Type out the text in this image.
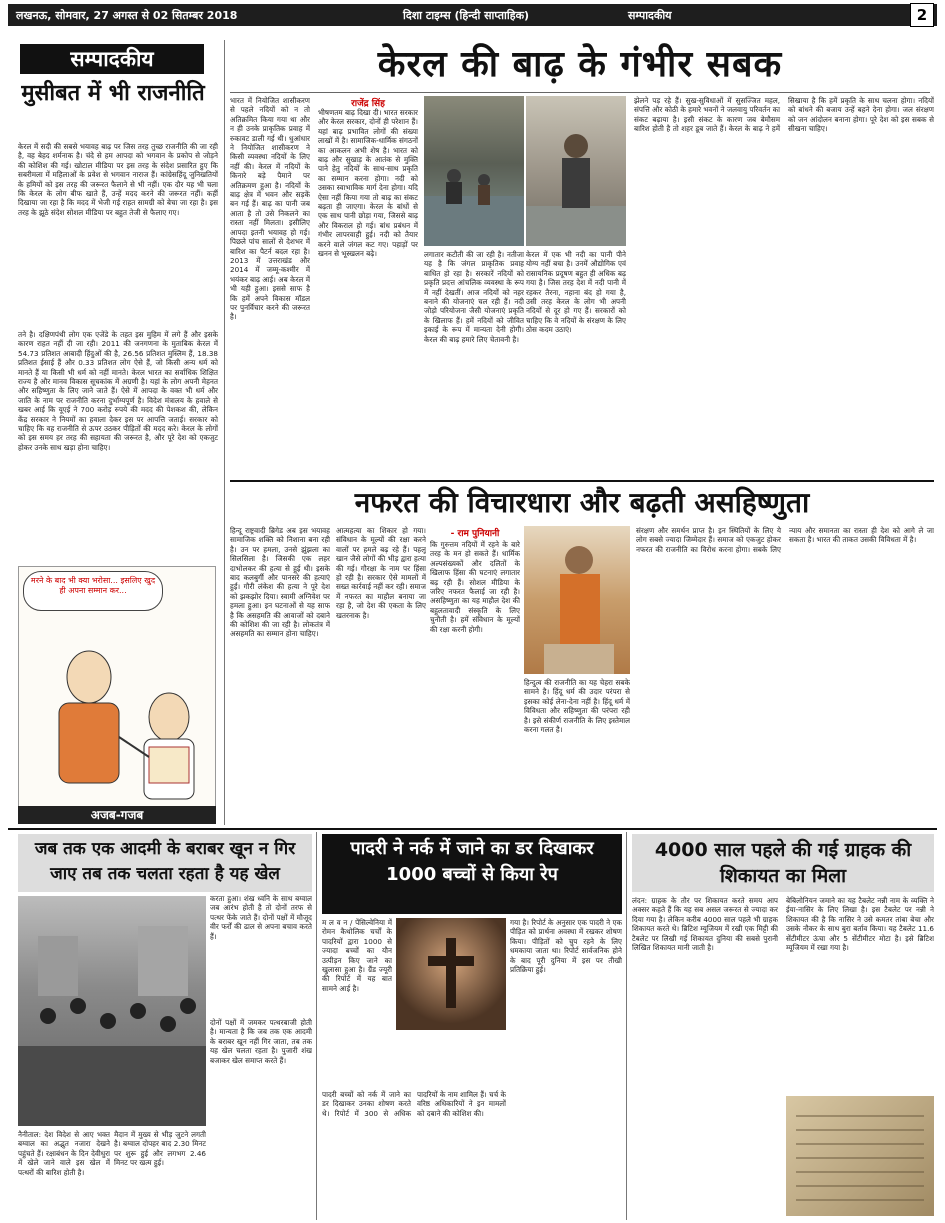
लखनऊ, सोमवार, 27 अगस्त से 02 सितम्बर 2018	दिशा टाइम्स (हिन्दी साप्ताहिक)	सम्पादकीय	2
सम्पादकीय
मुसीबत में भी राजनीति
केरल में सदी की सबसे भयावह बाढ़ पर जिस तरह तुच्छ राजनीति की जा रही है, वह बेहद शर्मनाक है। चंदे से हम आपदा को भगवान के प्रकोप से जोड़ने की कोशिश की गई। खोटाल मीडिया पर इस तरह के संदेश प्रसारित हुए कि सबरीमला में महिलाओं के प्रवेश से भगवान नाराज हैं। कांग्रेसहिंदू जुनिखतियों के हमियों को इस तरह की जरूरत फैलाने से भी नहीं। एक दौर यह भी चला कि केरल के लोग बीफ खाते हैं, उन्हें मदद करने की जरूरत नहीं। कहीं दिखाया जा रहा है कि मदद में भेजी गई राहत सामग्री को बेचा जा रहा है। इस तरह के झूठे संदेश सोशल मीडिया पर बहुत तेजी से फैलाए गए।
तने है। दक्षिणपंथी लोग एक एजेंडे के तहत इस मुहिम में लगे हैं और इसके कारण राहत नहीं दी जा रही। 2011 की जनगणना के मुताबिक केरल में 54.73 प्रतिशत आबादी हिंदुओं की है, 26.56 प्रतिशत मुस्लिम हैं, 18.38 प्रतिशत ईसाई हैं और 0.33 प्रतिशत लोग ऐसे हैं, जो किसी अन्य धर्म को मानते हैं या किसी भी धर्म को नहीं मानते। केरल भारत का सर्वाधिक शिक्षित राज्य है और मानव विकास सूचकांक में अग्रणी है। यहां के लोग अपनी मेहनत और सहिष्णुता के लिए जाने जाते हैं। ऐसे में आपदा के वक्त भी धर्म और जाति के नाम पर राजनीति करना दुर्भाग्यपूर्ण है। विदेश मंत्रालय के हवाले से खबर आई कि यूएई ने 700 करोड़ रुपये की मदद की पेशकश की, लेकिन केंद्र सरकार ने नियमों का हवाला देकर इस पर आपत्ति जताई। सरकार को चाहिए कि वह राजनीति से ऊपर उठकर पीड़ितों की मदद करे। केरल के लोगों को इस समय हर तरह की सहायता की जरूरत है, और पूरे देश को एकजुट होकर उनके साथ खड़ा होना चाहिए।
मरने के बाद भी क्या भरोसा... इसलिए खुद ही अपना सम्मान कर...
अजब-गजब
केरल की बाढ़ के गंभीर सबक
भारत में नियोजित शासीकरण से पहले नदियों को न तो अतिक्रमित किया गया था और न ही उनके प्राकृतिक प्रवाह में रुकावट डाली गई थी। धुआंधार ने नियोजित शासीकरण ने किसी व्यवस्था नदियों के लिए नहीं की। केरल में नदियों के किनारे बड़े पैमाने पर अतिक्रमण हुआ है। नदियों के बाढ़ क्षेत्र में भवन और सड़कें बन गई हैं। बाढ़ का पानी जब आता है तो उसे निकलने का रास्ता नहीं मिलता। इसीलिए आपदा इतनी भयावह हो गई। पिछले पांच सालों से देशभर में बारिश का पैटर्न बदल रहा है। 2013 में उत्तराखंड और 2014 में जम्मू-कश्मीर में भयंकर बाढ़ आई। अब केरल में भी यही हुआ। इससे साफ है कि हमें अपने विकास मॉडल पर पुनर्विचार करने की जरूरत है।
राजेंद्र सिंह
भीषणतम बाढ़ दिखा दी। भारत सरकार और केरल सरकार, दोनों ही परेशान हैं। यहां बाढ़ प्रभावित लोगों की संख्या लाखों में है। सामाजिक-धार्मिक संगठनों का आकलन अभी शेष है। भारत को बाढ़ और सुखाड़ के आतंक से मुक्ति पाने हेतु नदियों के साथ-साथ प्रकृति का सम्मान करना होगा। नदी को उसका स्वाभाविक मार्ग देना होगा। यदि ऐसा नहीं किया गया तो बाढ़ का संकट बढ़ता ही जाएगा। केरल के बांधों से एक साथ पानी छोड़ा गया, जिससे बाढ़ और विकराल हो गई। बांध प्रबंधन में गंभीर लापरवाही हुई। नदी को तैयार करने वाले जंगल कट गए। पहाड़ों पर खनन से भूस्खलन बढ़े।	लगातार कटौती की जा रही है। नतीजा यह है कि जंगल प्राकृतिक प्रवाह बाधित हो रहा है। सरकारें नदियों को प्रकृति प्रदत्त आंचलिक व्यवस्था के रूप में नहीं देखतीं। आज नदियों को नहर बनाने की योजनाएं चल रही हैं। नदी जोड़ो परियोजना जैसी योजनाएं प्रकृति के खिलाफ हैं। हमें नदियों को जीवित इकाई के रूप में मान्यता देनी होगी। केरल की बाढ़ हमारे लिए चेतावनी है।
केरल में एक भी नदी का पानी पीने योग्य नहीं बचा है। उनमें औद्योगिक एवं रासायनिक प्रदूषण बहुत ही अधिक बढ़ गया है। जिस तरह देश में नदी पानी में रहकर तैरना, नहाना बंद हो गया है, उसी तरह केरल के लोग भी अपनी नदियों से दूर हो गए हैं। सरकारों को चाहिए कि वे नदियों के संरक्षण के लिए ठोस कदम उठाएं।
झेलने पड़ रहे हैं। सुख-सुविधाओं में सुसज्जित महल, संपत्ति और कोठी के हमारे भवनों ने जलवायु परिवर्तन का संकट बढ़ाया है। इसी संकट के कारण जब बेमौसम बारिश होती है तो शहर डूब जाते हैं। केरल के बाढ़ ने हमें सिखाया है कि हमें प्रकृति के साथ चलना होगा। नदियों को बांधने की बजाय उन्हें बहने देना होगा। जल संरक्षण को जन आंदोलन बनाना होगा। पूरे देश को इस सबक से सीखना चाहिए।
नफरत की विचारधारा और बढ़ती असहिष्णुता
हिन्दू राष्ट्रवादी ब्रिगेड अब इस भयावह सामाजिक शक्ति को निशाना बना रही है। उन पर हमला, उनसे झुंझला का सिलसिला है। जिसकी एक लहर दाभोलकर की हत्या से हुई थी। इसके बाद कलबुर्गी और पानसरे की हत्याएं हुईं। गौरी लंकेश की हत्या ने पूरे देश को झकझोर दिया। स्वामी अग्निवेश पर हमला हुआ। इन घटनाओं से यह साफ है कि असहमति की आवाजों को दबाने की कोशिश की जा रही है। लोकतंत्र में असहमति का सम्मान होना चाहिए।
आत्महत्या का शिकार हो गया। संविधान के मूल्यों की रक्षा करने वालों पर हमले बढ़ रहे हैं। पहलू खान जैसे लोगों की भीड़ द्वारा हत्या की गई। गौरक्षा के नाम पर हिंसा हो रही है। सरकार ऐसे मामलों में सख्त कार्रवाई नहीं कर रही। समाज में नफरत का माहौल बनाया जा रहा है, जो देश की एकता के लिए खतरनाक है।
- राम पुनियानी
कि गुरुत्तम नदियों में रहने के बारे तरह के मन हो सकते हैं। धार्मिक अल्पसंख्यकों और दलितों के खिलाफ हिंसा की घटनाएं लगातार बढ़ रही हैं। सोशल मीडिया के जरिए नफरत फैलाई जा रही है। असहिष्णुता का यह माहौल देश की बहुलतावादी संस्कृति के लिए चुनौती है। हमें संविधान के मूल्यों की रक्षा करनी होगी।
हिन्दुत्व की राजनीति का यह चेहरा सबके सामने है। हिंदू धर्म की उदार परंपरा से इसका कोई लेना-देना नहीं है। हिंदू धर्म में विविधता और सहिष्णुता की परंपरा रही है। इसे संकीर्ण राजनीति के लिए इस्तेमाल करना गलत है।
संरक्षण और समर्थन प्राप्त है। इन स्थितियों के लिए ये लोग सबसे ज्यादा जिम्मेदार हैं। समाज को एकजुट होकर नफरत की राजनीति का विरोध करना होगा। सबके लिए न्याय और समानता का रास्ता ही देश को आगे ले जा सकता है। भारत की ताकत उसकी विविधता में है।
जब तक एक आदमी के बराबर खून न गिर जाए तब तक चलता रहता है यह खेल
नैनीताल: देश विदेश से आए भक्त बग्वाल का अद्भुत नजारा देखने पहुंचते हैं। रक्षाबंधन के दिन देवीधुरा में खेले जाने वाले इस खेल में पत्थरों की बारिश होती है।
मैदान में मुख्य से भीड़ जुटने लगती है। बग्वाल दोपहर बाद 2.30 मिनट पर शुरू हुई और लगभग 2.46 मिनट पर खत्म हुई।
करता हुआ। शंख ध्वनि के साथ बग्वाल जब आरंभ होती है तो दोनों तरफ से पत्थर फेंके जाते हैं। दोनों पक्षों में मौजूद वीर फर्रों की ढाल से अपना बचाव करते हैं।
दोनों पक्षों में जमकर पत्थरबाजी होती है। मान्यता है कि जब तक एक आदमी के बराबर खून नहीं गिर जाता, तब तक यह खेल चलता रहता है। पुजारी शंख बजाकर खेल समाप्त करते हैं।
पादरी ने नर्क में जाने का डर दिखाकर 1000 बच्चों से किया रेप
म ल व न / पेंसिल्वेनिया में रोमन कैथोलिक चर्चों के पादरियों द्वारा 1000 से ज्यादा बच्चों का यौन उत्पीड़न किए जाने का खुलासा हुआ है। ग्रैंड ज्यूरी की रिपोर्ट में यह बात सामने आई है।
पादरी बच्चों को नर्क में जाने का डर दिखाकर उनका शोषण करते थे। रिपोर्ट में 300 से अधिक पादरियों के नाम शामिल हैं। चर्च के वरिष्ठ अधिकारियों ने इन मामलों को दबाने की कोशिश की।
गया है। रिपोर्ट के अनुसार एक पादरी ने एक पीड़ित को प्रार्थना अवस्था में रखकर शोषण किया। पीड़ितों को चुप रहने के लिए धमकाया जाता था। रिपोर्ट सार्वजनिक होने के बाद पूरी दुनिया में इस पर तीखी प्रतिक्रिया हुई।
4000 साल पहले की गई ग्राहक की शिकायत का मिला
लंदन: ग्राहक के तौर पर शिकायत करते समय आप अक्सर कहते हैं कि यह सब असल जरूरत से ज्यादा कर दिया गया है। लेकिन करीब 4000 साल पहले भी ग्राहक शिकायत करते थे। ब्रिटिश म्यूजियम में रखी एक मिट्टी की टैबलेट पर लिखी गई शिकायत दुनिया की सबसे पुरानी लिखित शिकायत मानी जाती है।
बेबिलोनियन जमाने का यह टैबलेट नन्नी नाम के व्यक्ति ने ईया-नासिर के लिए लिखा है। इस टैबलेट पर नन्नी ने शिकायत की है कि नासिर ने उसे कमतर तांबा बेचा और उसके नौकर के साथ बुरा बर्ताव किया। यह टैबलेट 11.6 सेंटीमीटर ऊंचा और 5 सेंटीमीटर मोटा है। इसे ब्रिटिश म्यूजियम में रखा गया है।
